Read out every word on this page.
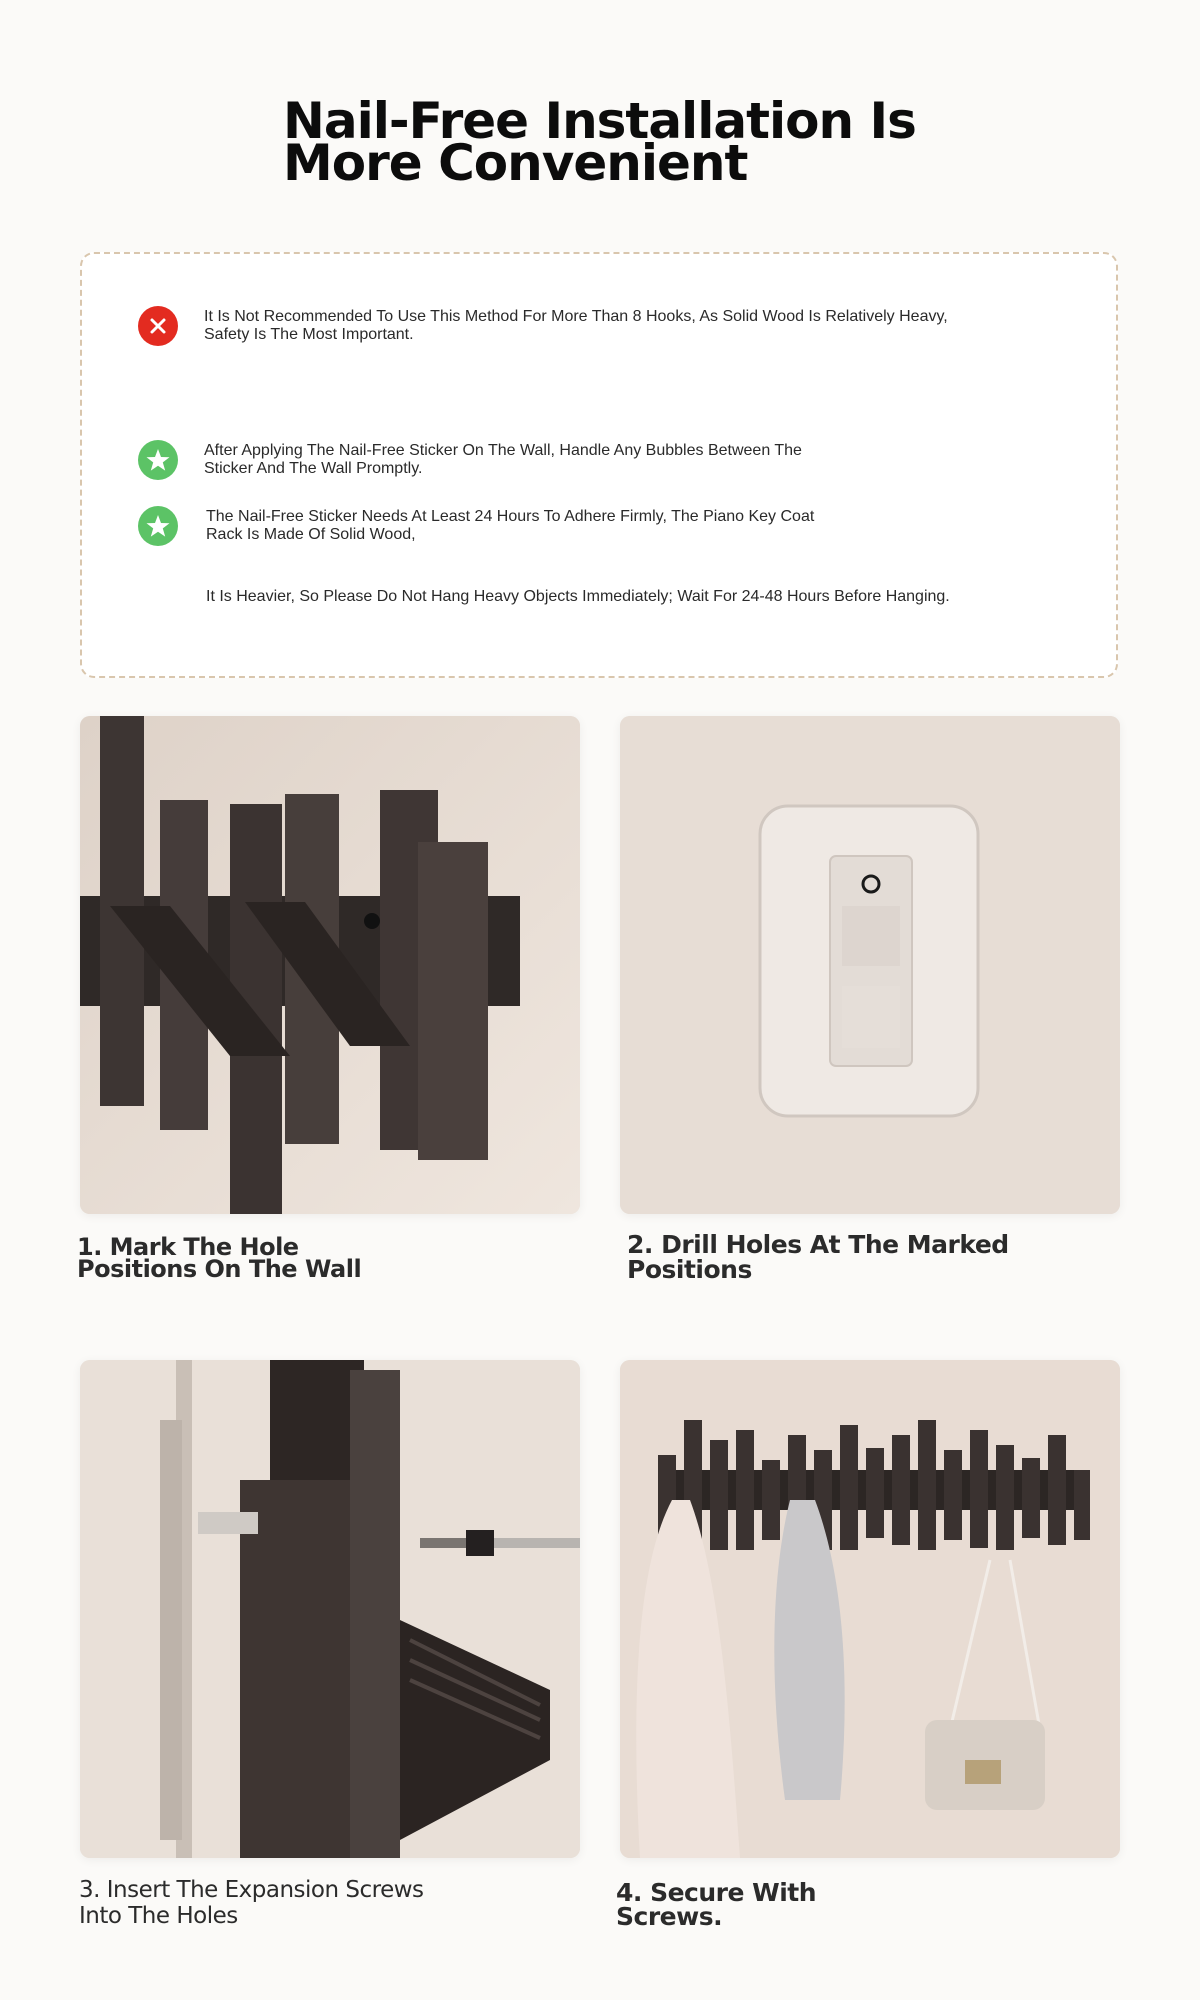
Nail-Free Installation Is
More Convenient
It Is Not Recommended To Use This Method For More Than 8 Hooks, As Solid Wood Is Relatively Heavy, Safety Is The Most Important.
After Applying The Nail-Free Sticker On The Wall, Handle Any Bubbles Between The Sticker And The Wall Promptly.
The Nail-Free Sticker Needs At Least 24 Hours To Adhere Firmly, The Piano Key Coat Rack Is Made Of Solid Wood,
It Is Heavier, So Please Do Not Hang Heavy Objects Immediately; Wait For 24-48 Hours Before Hanging.
1. Mark The Hole
Positions On The Wall
2. Drill Holes At The Marked
Positions
3. Insert The Expansion Screws
Into The Holes
4. Secure With
Screws.
